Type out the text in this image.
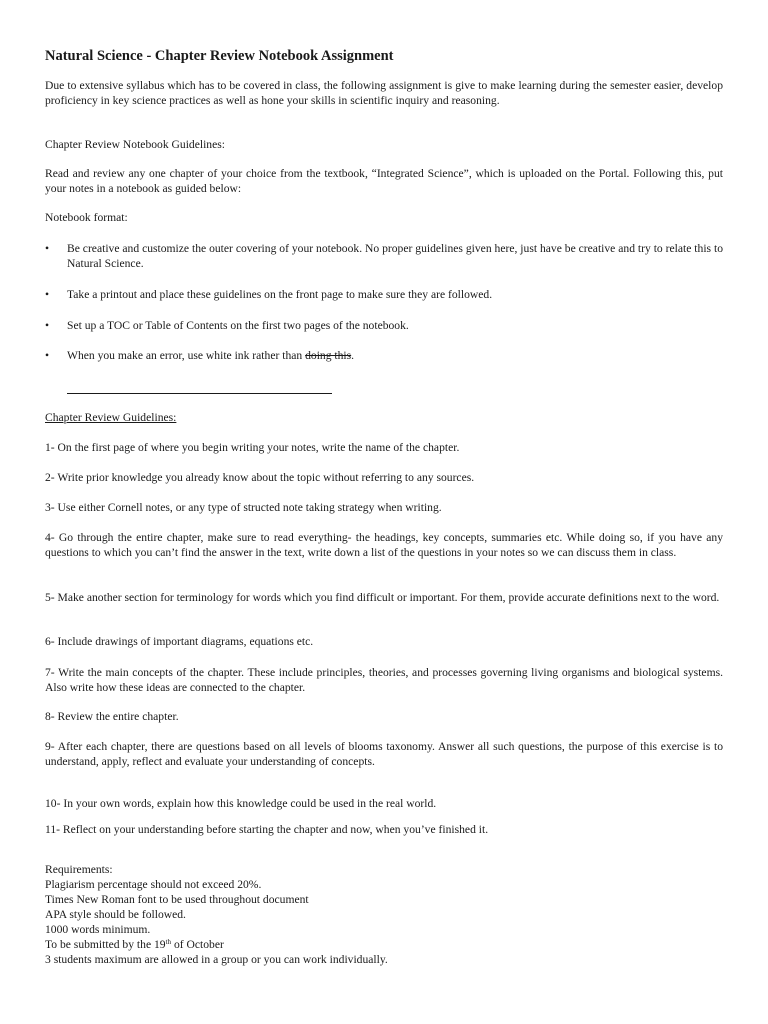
Natural Science - Chapter Review Notebook Assignment

Due to extensive syllabus which has to be covered in class, the following assignment is give to make learning during the semester easier, develop proficiency in key science practices as well as hone your skills in scientific inquiry and reasoning.

Chapter Review Notebook Guidelines:

Read and review any one chapter of your choice from the textbook, “Integrated Science”, which is uploaded on the Portal. Following this, put your notes in a notebook as guided below:

Notebook format:

•	Be creative and customize the outer covering of your notebook. No proper guidelines given here, just have be creative and try to relate this to Natural Science.
•	Take a printout and place these guidelines on the front page to make sure they are followed.
•	Set up a TOC or Table of Contents on the first two pages of the notebook.
•	When you make an error, use white ink rather than doing this.

Chapter Review Guidelines:

1- On the first page of where you begin writing your notes, write the name of the chapter.

2- Write prior knowledge you already know about the topic without referring to any sources.

3- Use either Cornell notes, or any type of structed note taking strategy when writing.

4- Go through the entire chapter, make sure to read everything- the headings, key concepts, summaries etc. While doing so, if you have any questions to which you can’t find the answer in the text, write down a list of the questions in your notes so we can discuss them in class.

5- Make another section for terminology for words which you find difficult or important. For them, provide accurate definitions next to the word.

6- Include drawings of important diagrams, equations etc.

7- Write the main concepts of the chapter. These include principles, theories, and processes governing living organisms and biological systems. Also write how these ideas are connected to the chapter.

8- Review the entire chapter.

9- After each chapter, there are questions based on all levels of blooms taxonomy. Answer all such questions, the purpose of this exercise is to understand, apply, reflect and evaluate your understanding of concepts.

10- In your own words, explain how this knowledge could be used in the real world.

11- Reflect on your understanding before starting the chapter and now, when you’ve finished it.

Requirements:
Plagiarism percentage should not exceed 20%.
Times New Roman font to be used throughout document
APA style should be followed.
1000 words minimum.
To be submitted by the 19th of October
3 students maximum are allowed in a group or you can work individually.
